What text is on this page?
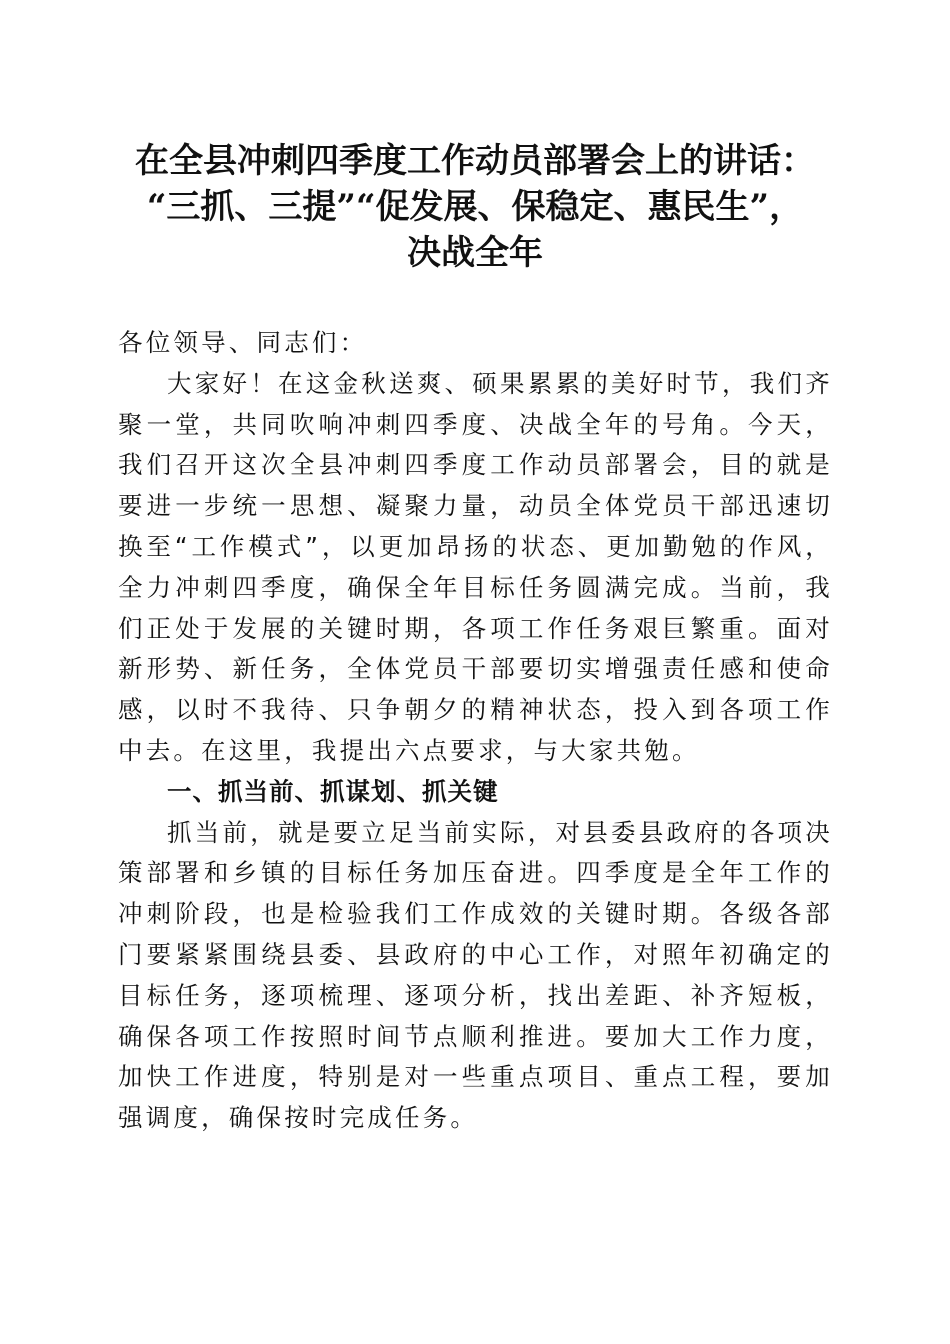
在全县冲刺四季度工作动员部署会上的讲话：
“三抓、三提”“促发展、保稳定、惠民生”，
决战全年

各位领导、同志们：

大家好！在这金秋送爽、硕果累累的美好时节，我们齐聚一堂，共同吹响冲刺四季度、决战全年的号角。今天，我们召开这次全县冲刺四季度工作动员部署会，目的就是要进一步统一思想、凝聚力量，动员全体党员干部迅速切换至“工作模式”，以更加昂扬的状态、更加勤勉的作风，全力冲刺四季度，确保全年目标任务圆满完成。当前，我们正处于发展的关键时期，各项工作任务艰巨繁重。面对新形势、新任务，全体党员干部要切实增强责任感和使命感，以时不我待、只争朝夕的精神状态，投入到各项工作中去。在这里，我提出六点要求，与大家共勉。

一、抓当前、抓谋划、抓关键

抓当前，就是要立足当前实际，对县委县政府的各项决策部署和乡镇的目标任务加压奋进。四季度是全年工作的冲刺阶段，也是检验我们工作成效的关键时期。各级各部门要紧紧围绕县委、县政府的中心工作，对照年初确定的目标任务，逐项梳理、逐项分析，找出差距、补齐短板，确保各项工作按照时间节点顺利推进。要加大工作力度，加快工作进度，特别是对一些重点项目、重点工程，要加强调度，确保按时完成任务。
